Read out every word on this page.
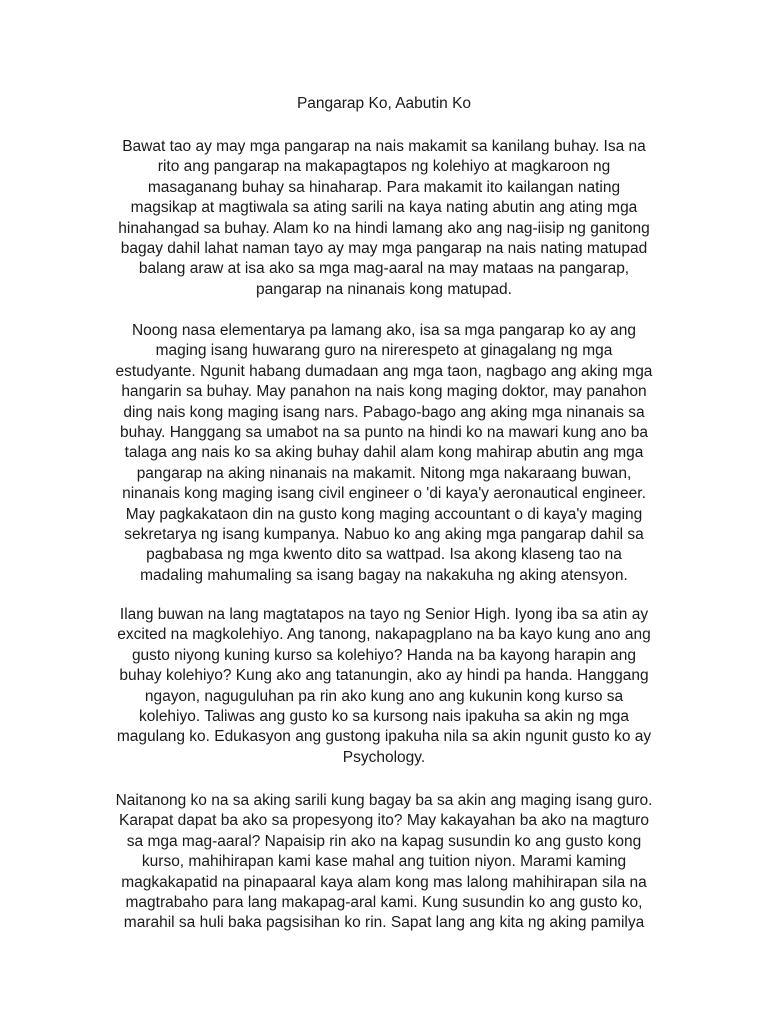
Pangarap Ko, Aabutin Ko
Bawat tao ay may mga pangarap na nais makamit sa kanilang buhay. Isa na
rito ang pangarap na makapagtapos ng kolehiyo at magkaroon ng
masaganang buhay sa hinaharap. Para makamit ito kailangan nating
magsikap at magtiwala sa ating sarili na kaya nating abutin ang ating mga
hinahangad sa buhay. Alam ko na hindi lamang ako ang nag-iisip ng ganitong
bagay dahil lahat naman tayo ay may mga pangarap na nais nating matupad
balang araw at isa ako sa mga mag-aaral na may mataas na pangarap,
pangarap na ninanais kong matupad.
Noong nasa elementarya pa lamang ako, isa sa mga pangarap ko ay ang
maging isang huwarang guro na nirerespeto at ginagalang ng mga
estudyante. Ngunit habang dumadaan ang mga taon, nagbago ang aking mga
hangarin sa buhay. May panahon na nais kong maging doktor, may panahon
ding nais kong maging isang nars. Pabago-bago ang aking mga ninanais sa
buhay. Hanggang sa umabot na sa punto na hindi ko na mawari kung ano ba
talaga ang nais ko sa aking buhay dahil alam kong mahirap abutin ang mga
pangarap na aking ninanais na makamit. Nitong mga nakaraang buwan,
ninanais kong maging isang civil engineer o 'di kaya'y aeronautical engineer.
May pagkakataon din na gusto kong maging accountant o di kaya'y maging
sekretarya ng isang kumpanya. Nabuo ko ang aking mga pangarap dahil sa
pagbabasa ng mga kwento dito sa wattpad. Isa akong klaseng tao na
madaling mahumaling sa isang bagay na nakakuha ng aking atensyon.
Ilang buwan na lang magtatapos na tayo ng Senior High. Iyong iba sa atin ay
excited na magkolehiyo. Ang tanong, nakapagplano na ba kayo kung ano ang
gusto niyong kuning kurso sa kolehiyo? Handa na ba kayong harapin ang
buhay kolehiyo? Kung ako ang tatanungin, ako ay hindi pa handa. Hanggang
ngayon, naguguluhan pa rin ako kung ano ang kukunin kong kurso sa
kolehiyo. Taliwas ang gusto ko sa kursong nais ipakuha sa akin ng mga
magulang ko. Edukasyon ang gustong ipakuha nila sa akin ngunit gusto ko ay
Psychology.
Naitanong ko na sa aking sarili kung bagay ba sa akin ang maging isang guro.
Karapat dapat ba ako sa propesyong ito? May kakayahan ba ako na magturo
sa mga mag-aaral? Napaisip rin ako na kapag susundin ko ang gusto kong
kurso, mahihirapan kami kase mahal ang tuition niyon. Marami kaming
magkakapatid na pinapaaral kaya alam kong mas lalong mahihirapan sila na
magtrabaho para lang makapag-aral kami. Kung susundin ko ang gusto ko,
marahil sa huli baka pagsisihan ko rin. Sapat lang ang kita ng aking pamilya
